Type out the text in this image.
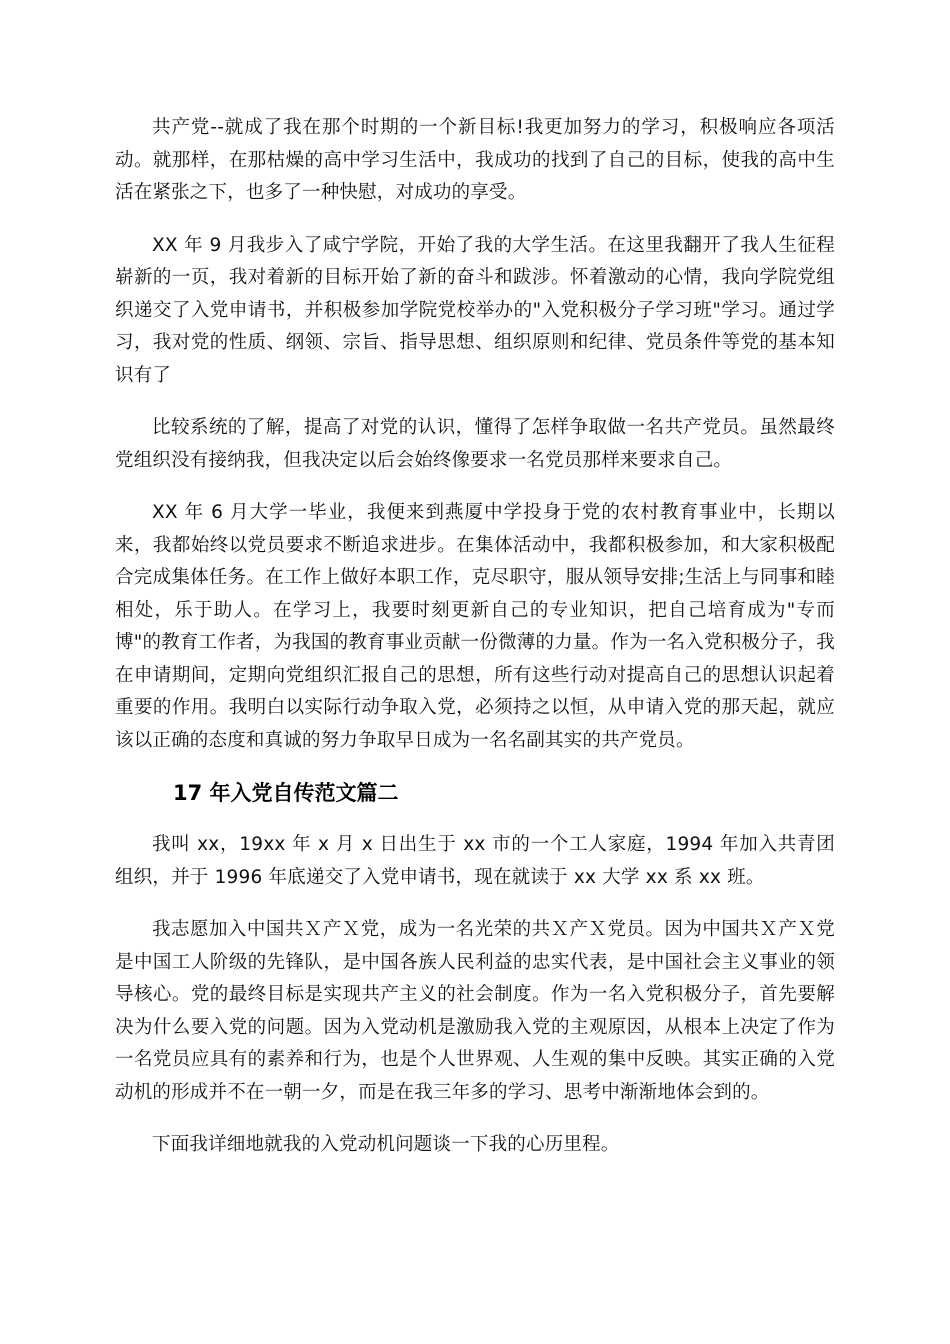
共产党--就成了我在那个时期的一个新目标!我更加努力的学习，积极响应各项活动。就那样，在那枯燥的高中学习生活中，我成功的找到了自己的目标，使我的高中生活在紧张之下，也多了一种快慰，对成功的享受。

XX 年 9 月我步入了咸宁学院，开始了我的大学生活。在这里我翻开了我人生征程崭新的一页，我对着新的目标开始了新的奋斗和跋涉。怀着激动的心情，我向学院党组织递交了入党申请书，并积极参加学院党校举办的"入党积极分子学习班"学习。通过学习，我对党的性质、纲领、宗旨、指导思想、组织原则和纪律、党员条件等党的基本知识有了

比较系统的了解，提高了对党的认识，懂得了怎样争取做一名共产党员。虽然最终党组织没有接纳我，但我决定以后会始终像要求一名党员那样来要求自己。

XX 年 6 月大学一毕业，我便来到燕厦中学投身于党的农村教育事业中，长期以来，我都始终以党员要求不断追求进步。在集体活动中，我都积极参加，和大家积极配合完成集体任务。在工作上做好本职工作，克尽职守，服从领导安排;生活上与同事和睦相处，乐于助人。在学习上，我要时刻更新自己的专业知识，把自己培育成为"专而博"的教育工作者，为我国的教育事业贡献一份微薄的力量。作为一名入党积极分子，我在申请期间，定期向党组织汇报自己的思想，所有这些行动对提高自己的思想认识起着重要的作用。我明白以实际行动争取入党，必须持之以恒，从申请入党的那天起，就应该以正确的态度和真诚的努力争取早日成为一名名副其实的共产党员。

17 年入党自传范文篇二

我叫 xx，19xx 年 x 月 x 日出生于 xx 市的一个工人家庭，1994 年加入共青团组织，并于 1996 年底递交了入党申请书，现在就读于 xx 大学 xx 系 xx 班。

我志愿加入中国共Ｘ产Ｘ党，成为一名光荣的共Ｘ产Ｘ党员。因为中国共Ｘ产Ｘ党是中国工人阶级的先锋队，是中国各族人民利益的忠实代表，是中国社会主义事业的领导核心。党的最终目标是实现共产主义的社会制度。作为一名入党积极分子，首先要解决为什么要入党的问题。因为入党动机是激励我入党的主观原因，从根本上决定了作为一名党员应具有的素养和行为，也是个人世界观、人生观的集中反映。其实正确的入党动机的形成并不在一朝一夕，而是在我三年多的学习、思考中渐渐地体会到的。

下面我详细地就我的入党动机问题谈一下我的心历里程。
